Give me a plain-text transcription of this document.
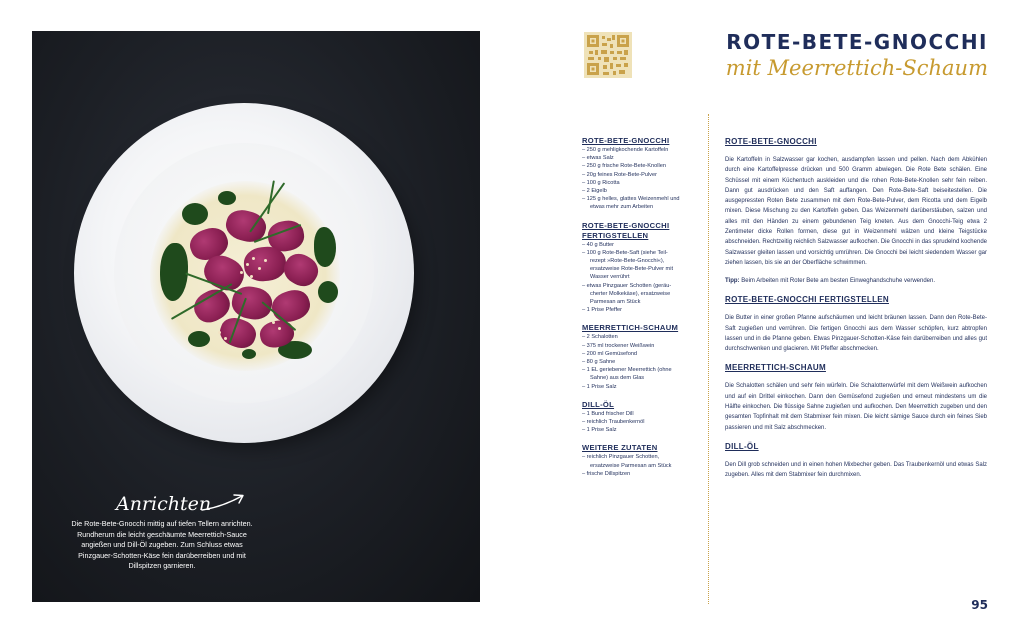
Anrichten
Die Rote-Bete-Gnocchi mittig auf tiefen Tellern anrichten. Rundherum die leicht geschäumte Meerrettich-Sauce angießen und Dill-Öl zugeben. Zum Schluss etwas Pinzgauer-Schotten-Käse fein darüberreiben und mit Dillspitzen garnieren.
ROTE-BETE-GNOCCHI
mit Meerrettich-Schaum
ROTE-BETE-GNOCCHI
– 250 g mehligkochende Kartoffeln
– etwas Salz
– 250 g frische Rote-Bete-Knollen
– 20g feines Rote-Bete-Pulver
– 100 g Ricotta
– 2 Eigelb
– 125 g helles, glattes Weizenmehl und
etwas mehr zum Arbeiten
ROTE-BETE-GNOCCHI FERTIGSTELLEN
– 40 g Butter
– 100 g Rote-Bete-Saft (siehe Teil-
rezept »Rote-Bete-Gnocchi«),
ersatzweise Rote-Bete-Pulver mit
Wasser verrührt
– etwas Pinzgauer Schotten (geräu-
cherter Molkekäse), ersatzweise
Parmesan am Stück
– 1 Prise Pfeffer
MEERRETTICH-SCHAUM
– 2 Schalotten
– 375 ml trockener Weißwein
– 200 ml Gemüsefond
– 80 g Sahne
– 1 EL geriebener Meerrettich (ohne
Sahne) aus dem Glas
– 1 Prise Salz
DILL-ÖL
– 1 Bund frischer Dill
– reichlich Traubenkernöl
– 1 Prise Salz
WEITERE ZUTATEN
– reichlich Pinzgauer Schotten,
ersatzweise Parmesan am Stück
– frische Dillspitzen
ROTE-BETE-GNOCCHI
Die Kartoffeln in Salzwasser gar kochen, ausdampfen lassen und pellen. Nach dem Abkühlen durch eine Kartoffelpresse drücken und 500 Gramm abwiegen. Die Rote Bete schälen. Eine Schüssel mit einem Küchentuch auskleiden und die rohen Rote-Bete-Knollen sehr fein reiben. Dann gut ausdrücken und den Saft auffangen. Den Rote-Bete-Saft beiseitestellen. Die ausgepressten Roten Bete zusammen mit dem Rote-Bete-Pulver, dem Ricotta und dem Eigelb mixen. Diese Mischung zu den Kartoffeln geben. Das Weizenmehl darüberstäuben, salzen und alles mit den Händen zu einem gebundenen Teig kneten. Aus dem Gnocchi-Teig etwa 2 Zentimeter dicke Rollen formen, diese gut in Weizenmehl wälzen und kleine Teigstücke abschneiden. Rechtzeitig reichlich Salzwasser aufkochen. Die Gnocchi in das sprudelnd kochende Salzwasser gleiten lassen und vorsichtig umrühren. Die Gnocchi bei leicht siedendem Wasser gar ziehen lassen, bis sie an der Oberfläche schwimmen.
Tipp: Beim Arbeiten mit Roter Bete am besten Einweghandschuhe verwenden.
ROTE-BETE-GNOCCHI FERTIGSTELLEN
Die Butter in einer großen Pfanne aufschäumen und leicht bräunen lassen. Dann den Rote-Bete-Saft zugießen und verrühren. Die fertigen Gnocchi aus dem Wasser schöpfen, kurz abtropfen lassen und in die Pfanne geben. Etwas Pinzgauer-Schotten-Käse fein darüberreiben und alles gut durchschwenken und glacieren. Mit Pfeffer abschmecken.
MEERRETTICH-SCHAUM
Die Schalotten schälen und sehr fein würfeln. Die Schalottenwürfel mit dem Weißwein aufkochen und auf ein Drittel einkochen. Dann den Gemüsefond zugießen und erneut mindestens um die Hälfte einkochen. Die flüssige Sahne zugießen und aufkochen. Den Meerrettich zugeben und den gesamten Topfinhalt mit dem Stabmixer fein mixen. Die leicht sämige Sauce durch ein feines Sieb passieren und mit Salz abschmecken.
DILL-ÖL
Den Dill grob schneiden und in einen hohen Mixbecher geben. Das Traubenkernöl und etwas Salz zugeben. Alles mit dem Stabmixer fein durchmixen.
95
